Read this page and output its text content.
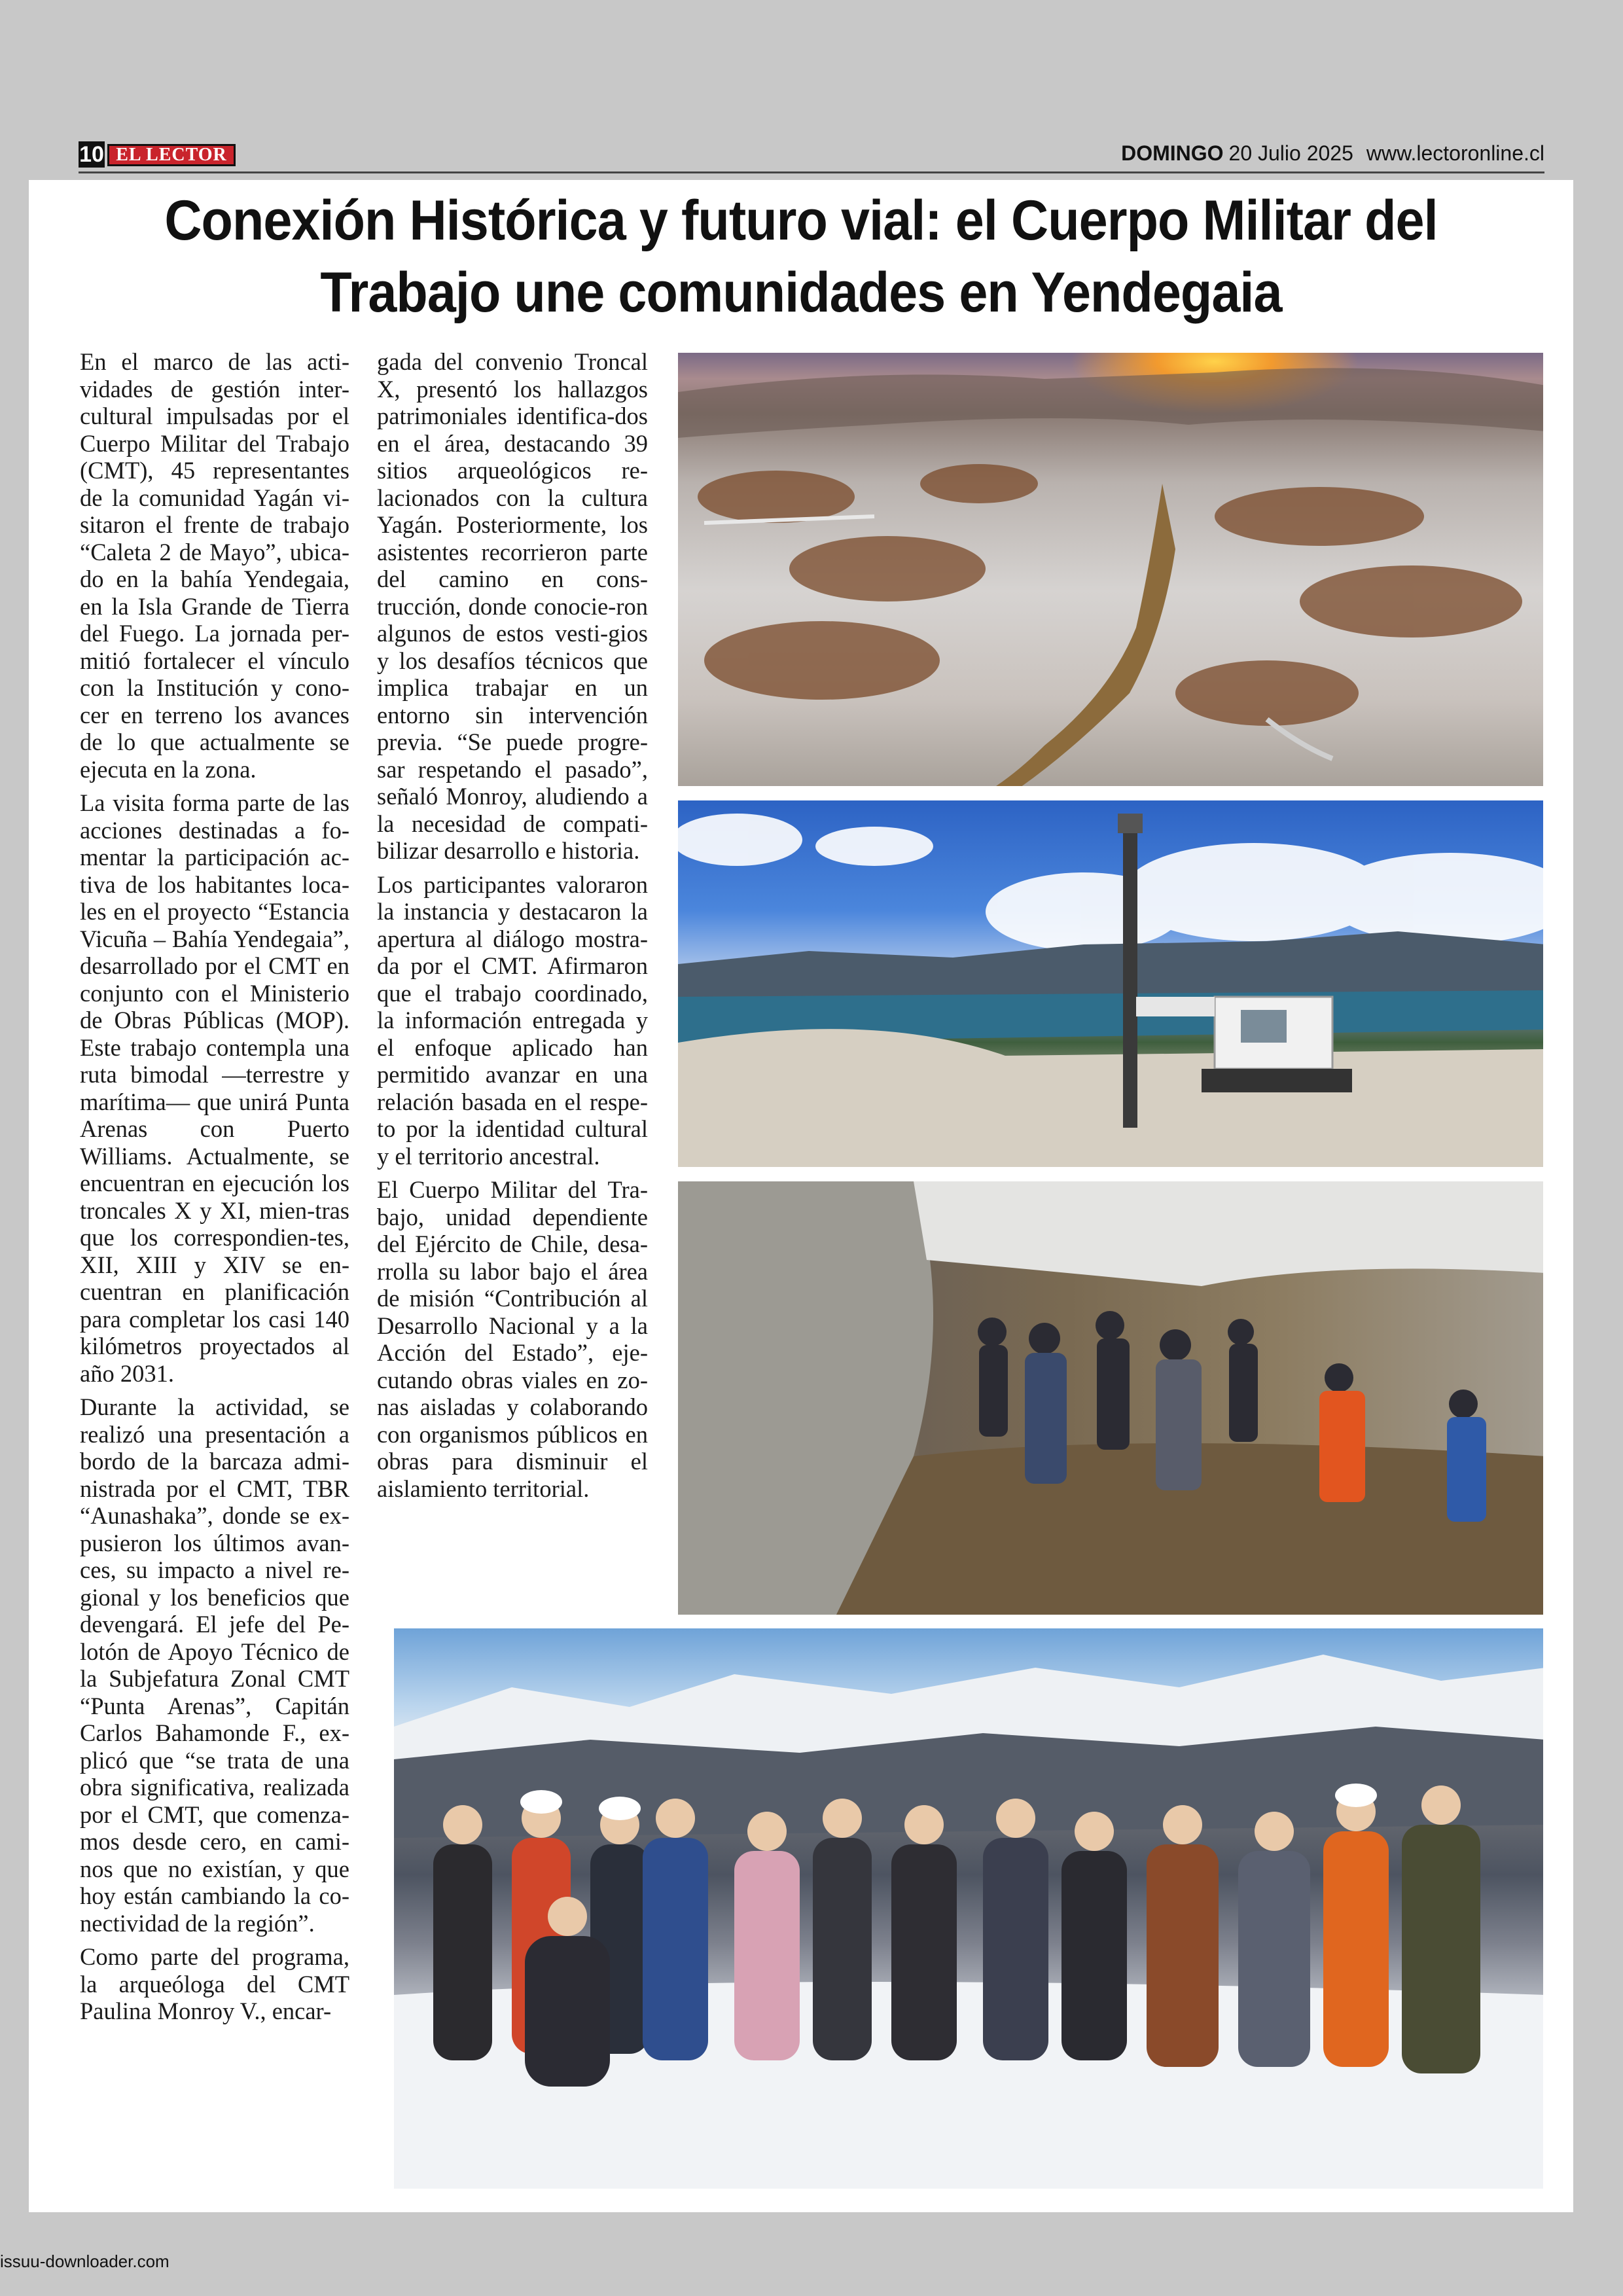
10 EL LECTOR	DOMINGO 20 Julio 2025 www.lectoronline.cl
Conexión Histórica y futuro vial: el Cuerpo Militar del
Trabajo une comunidades en Yendegaia

En el marco de las acti-vidades de gestión inter-cultural impulsadas por el Cuerpo Militar del Trabajo (CMT), 45 representantes de la comunidad Yagán vi-sitaron el frente de trabajo “Caleta 2 de Mayo”, ubica-do en la bahía Yendegaia, en la Isla Grande de Tierra del Fuego. La jornada per-mitió fortalecer el vínculo con la Institución y cono-cer en terreno los avances de lo que actualmente se ejecuta en la zona.

La visita forma parte de las acciones destinadas a fo-mentar la participación ac-tiva de los habitantes loca-les en el proyecto “Estancia Vicuña – Bahía Yendegaia”, desarrollado por el CMT en conjunto con el Ministerio de Obras Públicas (MOP). Este trabajo contempla una ruta bimodal —terrestre y marítima— que unirá Punta Arenas con Puerto Williams. Actualmente, se encuentran en ejecución los troncales X y XI, mien-tras que los correspondien-tes, XII, XIII y XIV se en-cuentran en planificación para completar los casi 140 kilómetros proyectados al año 2031.

Durante la actividad, se realizó una presentación a bordo de la barcaza admi-nistrada por el CMT, TBR “Aunashaka”, donde se ex-pusieron los últimos avan-ces, su impacto a nivel re-gional y los beneficios que devengará. El jefe del Pe-lotón de Apoyo Técnico de la Subjefatura Zonal CMT “Punta Arenas”, Capitán Carlos Bahamonde F., ex-plicó que “se trata de una obra significativa, realizada por el CMT, que comenza-mos desde cero, en cami-nos que no existían, y que hoy están cambiando la co-nectividad de la región”.

Como parte del programa, la arqueóloga del CMT Paulina Monroy V., encar-

gada del convenio Troncal X, presentó los hallazgos patrimoniales identifica-dos en el área, destacando 39 sitios arqueológicos re-lacionados con la cultura Yagán. Posteriormente, los asistentes recorrieron parte del camino en cons-trucción, donde conocie-ron algunos de estos vesti-gios y los desafíos técnicos que implica trabajar en un entorno sin intervención previa. “Se puede progre-sar respetando el pasado”, señaló Monroy, aludiendo a la necesidad de compati-bilizar desarrollo e historia.

Los participantes valoraron la instancia y destacaron la apertura al diálogo mostra-da por el CMT. Afirmaron que el trabajo coordinado, la información entregada y el enfoque aplicado han permitido avanzar en una relación basada en el respe-to por la identidad cultural y el territorio ancestral.

El Cuerpo Militar del Tra-bajo, unidad dependiente del Ejército de Chile, desa-rrolla su labor bajo el área de misión “Contribución al Desarrollo Nacional y a la Acción del Estado”, eje-cutando obras viales en zo-nas aisladas y colaborando con organismos públicos en obras para disminuir el aislamiento territorial.

issuu-downloader.com
